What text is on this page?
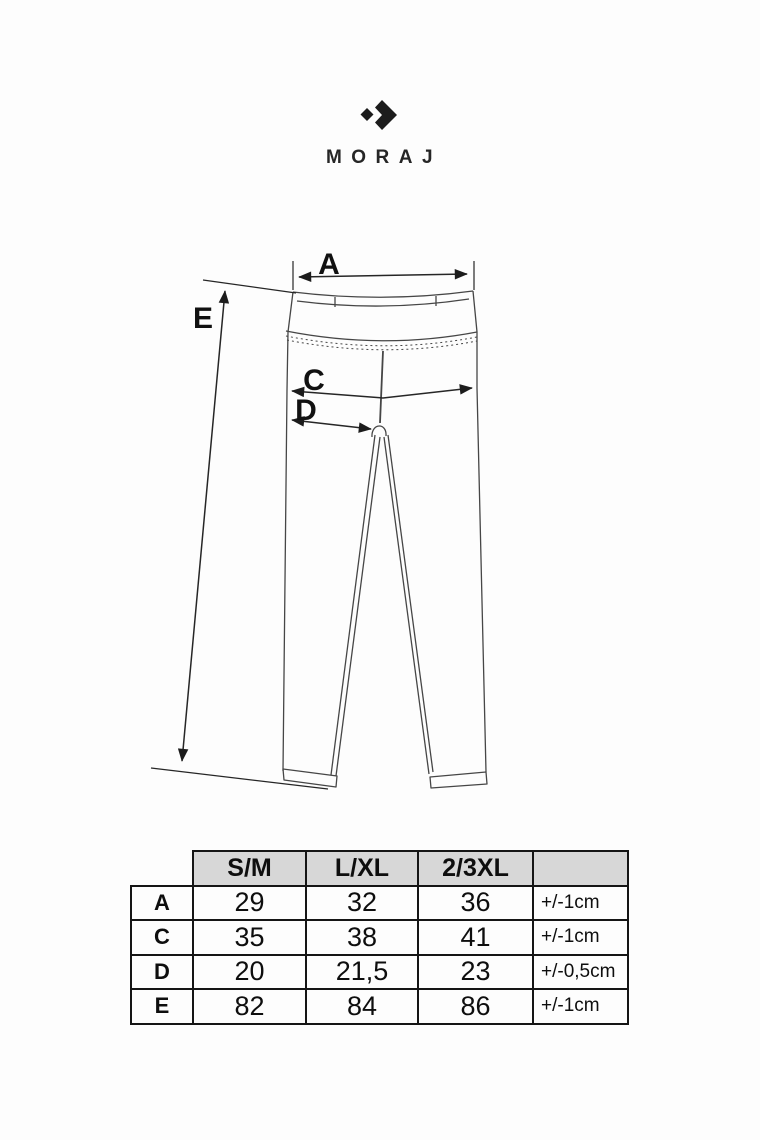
MORAJ
A
E
C
D
	S/M	L/XL	2/3XL	
A	29	32	36	+/-1cm
C	35	38	41	+/-1cm
D	20	21,5	23	+/-0,5cm
E	82	84	86	+/-1cm
